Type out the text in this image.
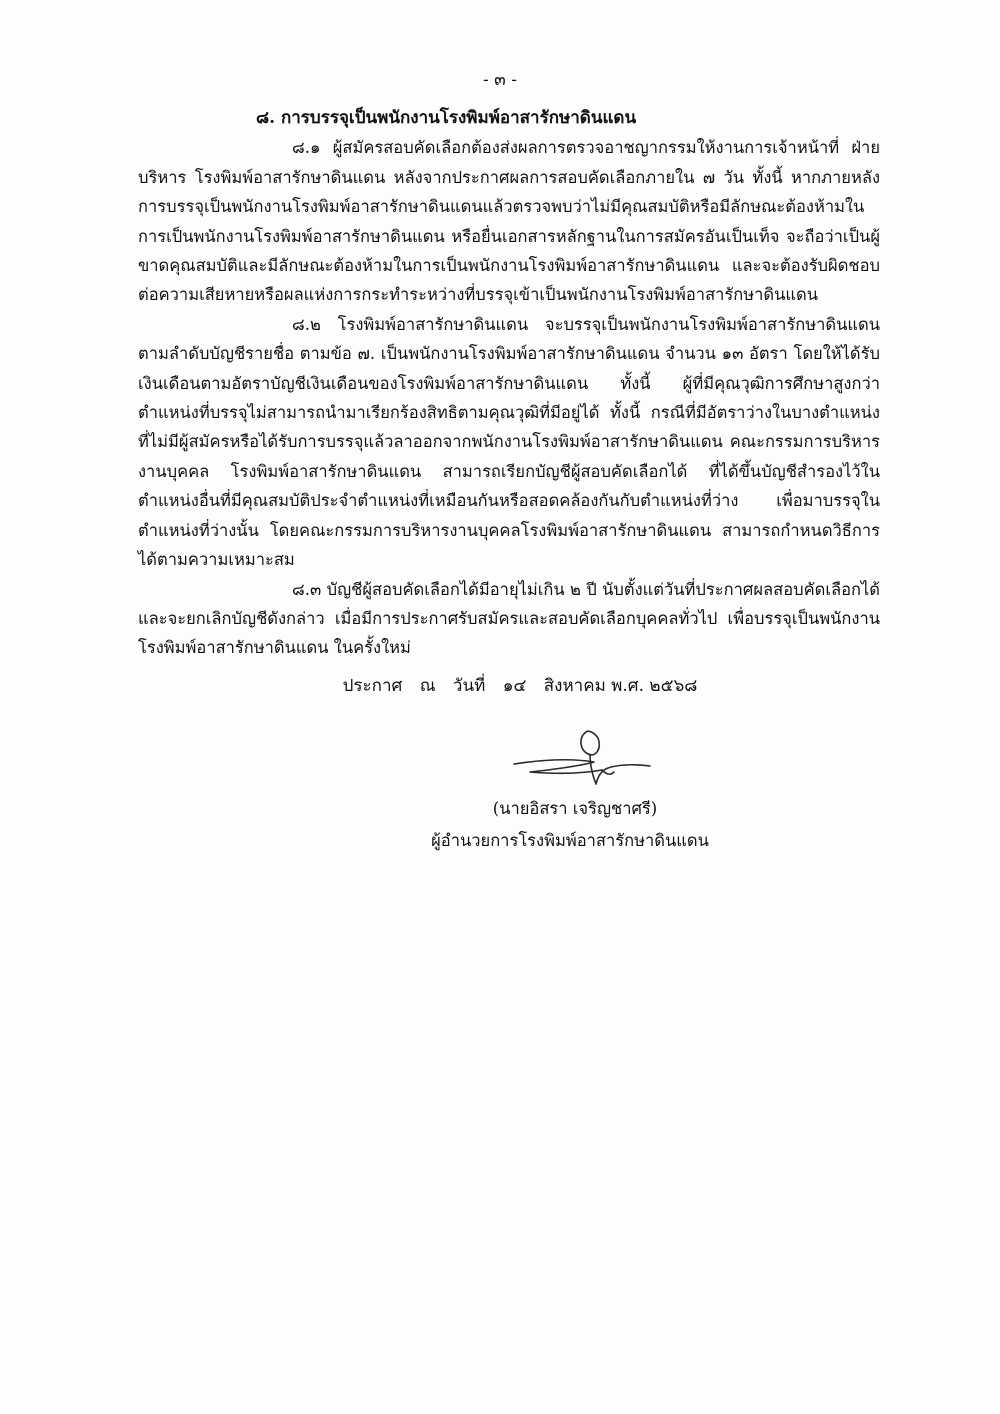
- ๓ -

๘. การบรรจุเป็นพนักงานโรงพิมพ์อาสารักษาดินแดน

๘.๑ ผู้สมัครสอบคัดเลือกต้องส่งผลการตรวจอาชญากรรมให้งานการเจ้าหน้าที่ ฝ่ายบริหาร โรงพิมพ์อาสารักษาดินแดน หลังจากประกาศผลการสอบคัดเลือกภายใน ๗ วัน ทั้งนี้ หากภายหลังการบรรจุเป็นพนักงานโรงพิมพ์อาสารักษาดินแดนแล้วตรวจพบว่าไม่มีคุณสมบัติหรือมีลักษณะต้องห้ามในการเป็นพนักงานโรงพิมพ์อาสารักษาดินแดน หรือยื่นเอกสารหลักฐานในการสมัครอันเป็นเท็จ จะถือว่าเป็นผู้ขาดคุณสมบัติและมีลักษณะต้องห้ามในการเป็นพนักงานโรงพิมพ์อาสารักษาดินแดน และจะต้องรับผิดชอบต่อความเสียหายหรือผลแห่งการกระทำระหว่างที่บรรจุเข้าเป็นพนักงานโรงพิมพ์อาสารักษาดินแดน

๘.๒ โรงพิมพ์อาสารักษาดินแดน จะบรรจุเป็นพนักงานโรงพิมพ์อาสารักษาดินแดน ตามลำดับบัญชีรายชื่อ ตามข้อ ๗. เป็นพนักงานโรงพิมพ์อาสารักษาดินแดน จำนวน ๑๓ อัตรา โดยให้ได้รับเงินเดือนตามอัตราบัญชีเงินเดือนของโรงพิมพ์อาสารักษาดินแดน ทั้งนี้ ผู้ที่มีคุณวุฒิการศึกษาสูงกว่าตำแหน่งที่บรรจุไม่สามารถนำมาเรียกร้องสิทธิตามคุณวุฒิที่มีอยู่ได้ ทั้งนี้ กรณีที่มีอัตราว่างในบางตำแหน่งที่ไม่มีผู้สมัครหรือได้รับการบรรจุแล้วลาออกจากพนักงานโรงพิมพ์อาสารักษาดินแดน คณะกรรมการบริหารงานบุคคล โรงพิมพ์อาสารักษาดินแดน สามารถเรียกบัญชีผู้สอบคัดเลือกได้ ที่ได้ขึ้นบัญชีสำรองไว้ในตำแหน่งอื่นที่มีคุณสมบัติประจำตำแหน่งที่เหมือนกันหรือสอดคล้องกันกับตำแหน่งที่ว่าง เพื่อมาบรรจุในตำแหน่งที่ว่างนั้น โดยคณะกรรมการบริหารงานบุคคลโรงพิมพ์อาสารักษาดินแดน สามารถกำหนดวิธีการได้ตามความเหมาะสม

๘.๓ บัญชีผู้สอบคัดเลือกได้มีอายุไม่เกิน ๒ ปี นับตั้งแต่วันที่ประกาศผลสอบคัดเลือกได้ และจะยกเลิกบัญชีดังกล่าว เมื่อมีการประกาศรับสมัครและสอบคัดเลือกบุคคลทั่วไป เพื่อบรรจุเป็นพนักงานโรงพิมพ์อาสารักษาดินแดน ในครั้งใหม่

ประกาศ ณ วันที่ ๑๔ สิงหาคม พ.ศ. ๒๕๖๘
(นายอิสรา เจริญชาศรี)
ผู้อำนวยการโรงพิมพ์อาสารักษาดินแดน
